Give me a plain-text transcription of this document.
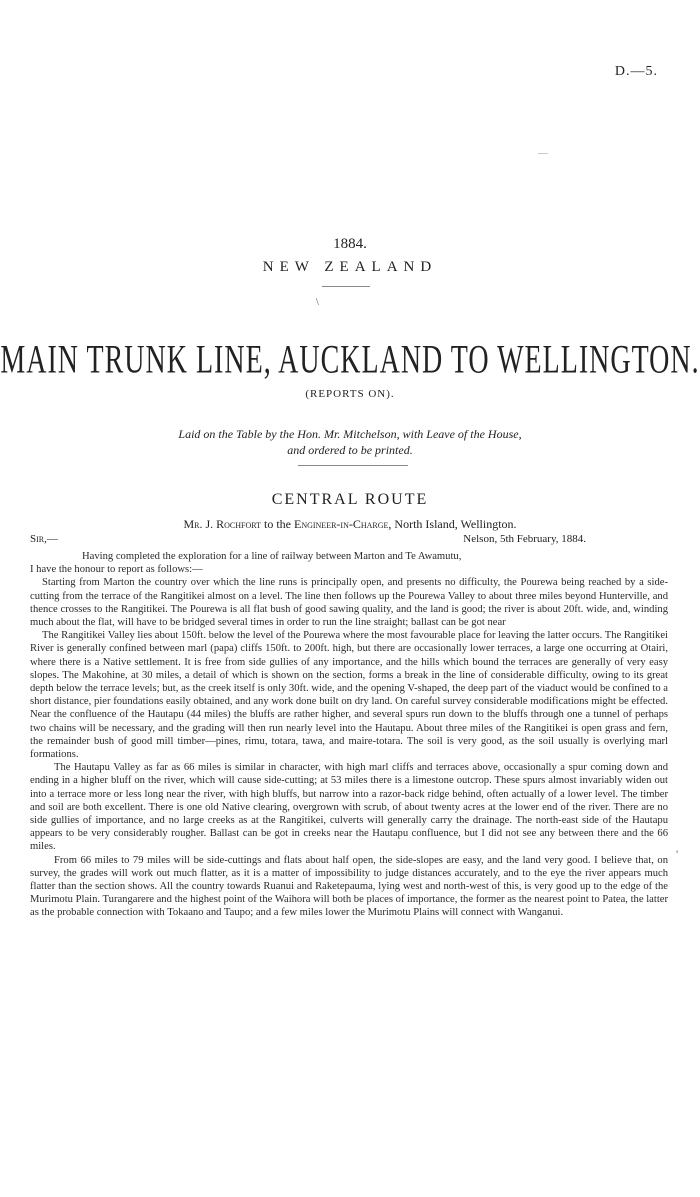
—
D.—5.
1884.
NEW ZEALAND
\
MAIN TRUNK LINE, AUCKLAND TO WELLINGTON.
(REPORTS ON).
Laid on the Table by the Hon. Mr. Mitchelson, with Leave of the House,
and ordered to be printed.
CENTRAL ROUTE
Mr. J. Rochfort to the Engineer-in-Charge, North Island, Wellington.
Sir,—	Nelson, 5th February, 1884.

Having completed the exploration for a line of railway between Marton and Te Awamutu,

I have the honour to report as follows:—

Starting from Marton the country over which the line runs is principally open, and presents no difficulty, the Pourewa being reached by a side-cutting from the terrace of the Rangitikei almost on a level. The line then follows up the Pourewa Valley to about three miles beyond Hunterville, and thence crosses to the Rangitikei. The Pourewa is all flat bush of good sawing quality, and the land is good; the river is about 20ft. wide, and, winding much about the flat, will have to be bridged several times in order to run the line straight; ballast can be got near

The Rangitikei Valley lies about 150ft. below the level of the Pourewa where the most favourable place for leaving the latter occurs. The Rangitikei River is generally confined between marl (papa) cliffs 150ft. to 200ft. high, but there are occasionally lower terraces, a large one occurring at Otairi, where there is a Native settlement. It is free from side gullies of any importance, and the hills which bound the terraces are generally of very easy slopes. The Makohine, at 30 miles, a detail of which is shown on the section, forms a break in the line of considerable difficulty, owing to its great depth below the terrace levels; but, as the creek itself is only 30ft. wide, and the opening V-shaped, the deep part of the viaduct would be confined to a short distance, pier foundations easily obtained, and any work done built on dry land. On careful survey considerable modifications might be effected. Near the confluence of the Hautapu (44 miles) the bluffs are rather higher, and several spurs run down to the bluffs through one a tunnel of perhaps two chains will be necessary, and the grading will then run nearly level into the Hautapu. About three miles of the Rangitikei is open grass and fern, the remainder bush of good mill timber—pines, rimu, totara, tawa, and maire-totara. The soil is very good, as the soil usually is overlying marl formations.

The Hautapu Valley as far as 66 miles is similar in character, with high marl cliffs and terraces above, occasionally a spur coming down and ending in a higher bluff on the river, which will cause side-cutting; at 53 miles there is a limestone outcrop. These spurs almost invariably widen out into a terrace more or less long near the river, with high bluffs, but narrow into a razor-back ridge behind, often actually of a lower level. The timber and soil are both excellent. There is one old Native clearing, overgrown with scrub, of about twenty acres at the lower end of the river. There are no side gullies of importance, and no large creeks as at the Rangitikei, culverts will generally carry the drainage. The north-east side of the Hautapu appears to be very considerably rougher. Ballast can be got in creeks near the Hautapu confluence, but I did not see any between there and the 66 miles.

From 66 miles to 79 miles will be side-cuttings and flats about half open, the side-slopes are easy, and the land very good. I believe that, on survey, the grades will work out much flatter, as it is a matter of impossibility to judge distances accurately, and to the eye the river appears much flatter than the section shows. All the country towards Ruanui and Raketepauma, lying west and north-west of this, is very good up to the edge of the Murimotu Plain. Turangarere and the highest point of the Waihora will both be places of importance, the former as the nearest point to Patea, the latter as the probable connection with Tokaano and Taupo; and a few miles lower the Murimotu Plains will connect with Wanganui.

'
